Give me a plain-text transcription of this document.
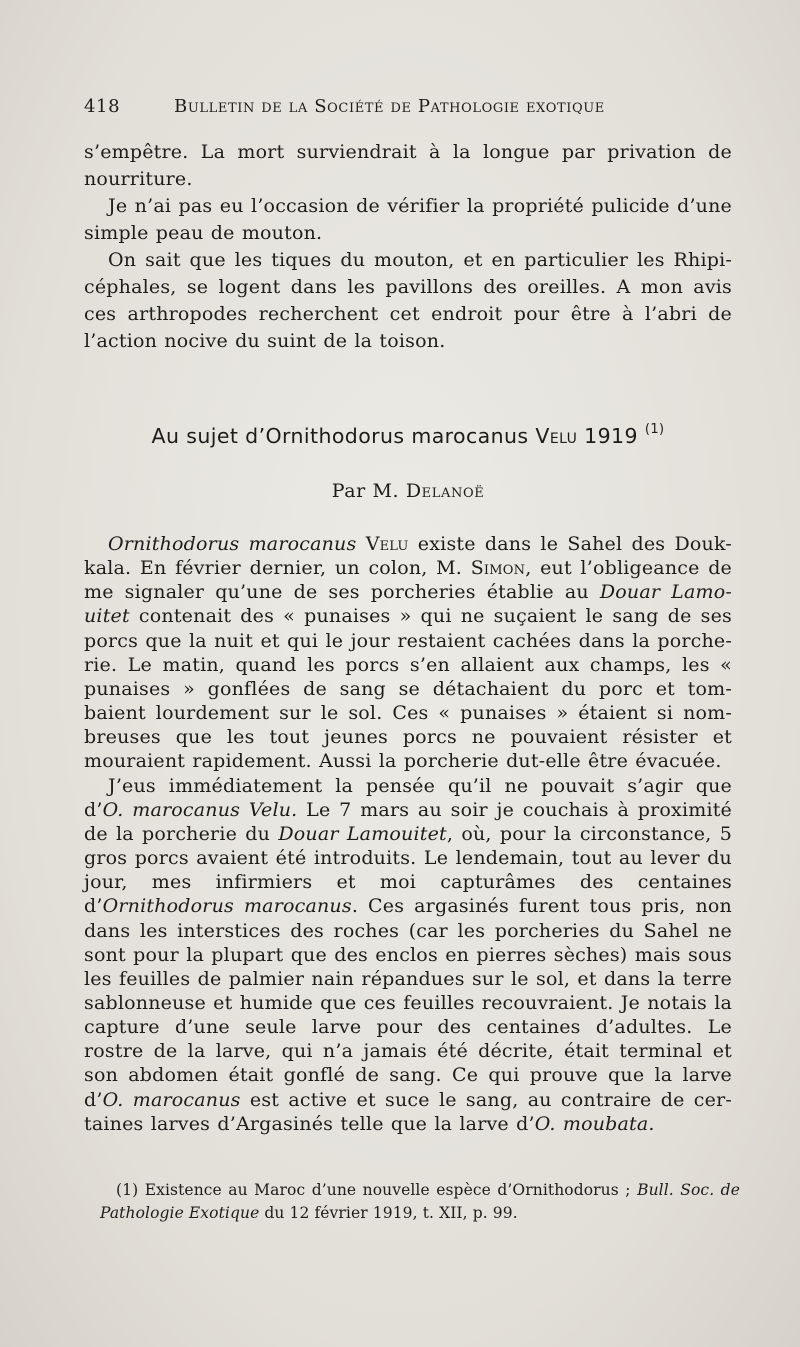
418	Bulletin de la Société de Pathologie exotique

s’empêtre. La mort surviendrait à la longue par privation de nourriture.

Je n’ai pas eu l’occasion de vérifier la propriété pulicide d’une simple peau de mouton.

On sait que les tiques du mouton, et en particulier les Rhipi-céphales, se logent dans les pavillons des oreilles. A mon avis ces arthropodes recherchent cet endroit pour être à l’abri de l’action nocive du suint de la toison.

Au sujet d’Ornithodorus marocanus Velu 1919 $^{(1)}$
Par M. Delanoë

Ornithodorus marocanus Velu existe dans le Sahel des Douk-kala. En février dernier, un colon, M. Simon, eut l’obligeance de me signaler qu’une de ses porcheries établie au Douar Lamo-uitet contenait des « punaises » qui ne suçaient le sang de ses porcs que la nuit et qui le jour restaient cachées dans la porche- rie. Le matin, quand les porcs s’en allaient aux champs, les « punaises » gonflées de sang se détachaient du porc et tom- baient lourdement sur le sol. Ces « punaises » étaient si nom- breuses que les tout jeunes porcs ne pouvaient résister et mouraient rapidement. Aussi la porcherie dut-elle être évacuée.

J’eus immédiatement la pensée qu’il ne pouvait s’agir que d’O. marocanus Velu. Le 7 mars au soir je couchais à proximité de la porcherie du Douar Lamouitet, où, pour la circonstance, 5 gros porcs avaient été introduits. Le lendemain, tout au lever du jour, mes infirmiers et moi capturâmes des centaines d’Ornithodorus marocanus. Ces argasinés furent tous pris, non dans les interstices des roches (car les porcheries du Sahel ne sont pour la plupart que des enclos en pierres sèches) mais sous les feuilles de palmier nain répandues sur le sol, et dans la terre sablonneuse et humide que ces feuilles recouvraient. Je notais la capture d’une seule larve pour des centaines d’adultes. Le rostre de la larve, qui n’a jamais été décrite, était terminal et son abdomen était gonflé de sang. Ce qui prouve que la larve d’O. marocanus est active et suce le sang, au contraire de cer- taines larves d’Argasinés telle que la larve d’O. moubata.

(1) Existence au Maroc d’une nouvelle espèce d’Ornithodorus ; Bull. Soc. de Pathologie Exotique du 12 février 1919, t. XII, p. 99.
